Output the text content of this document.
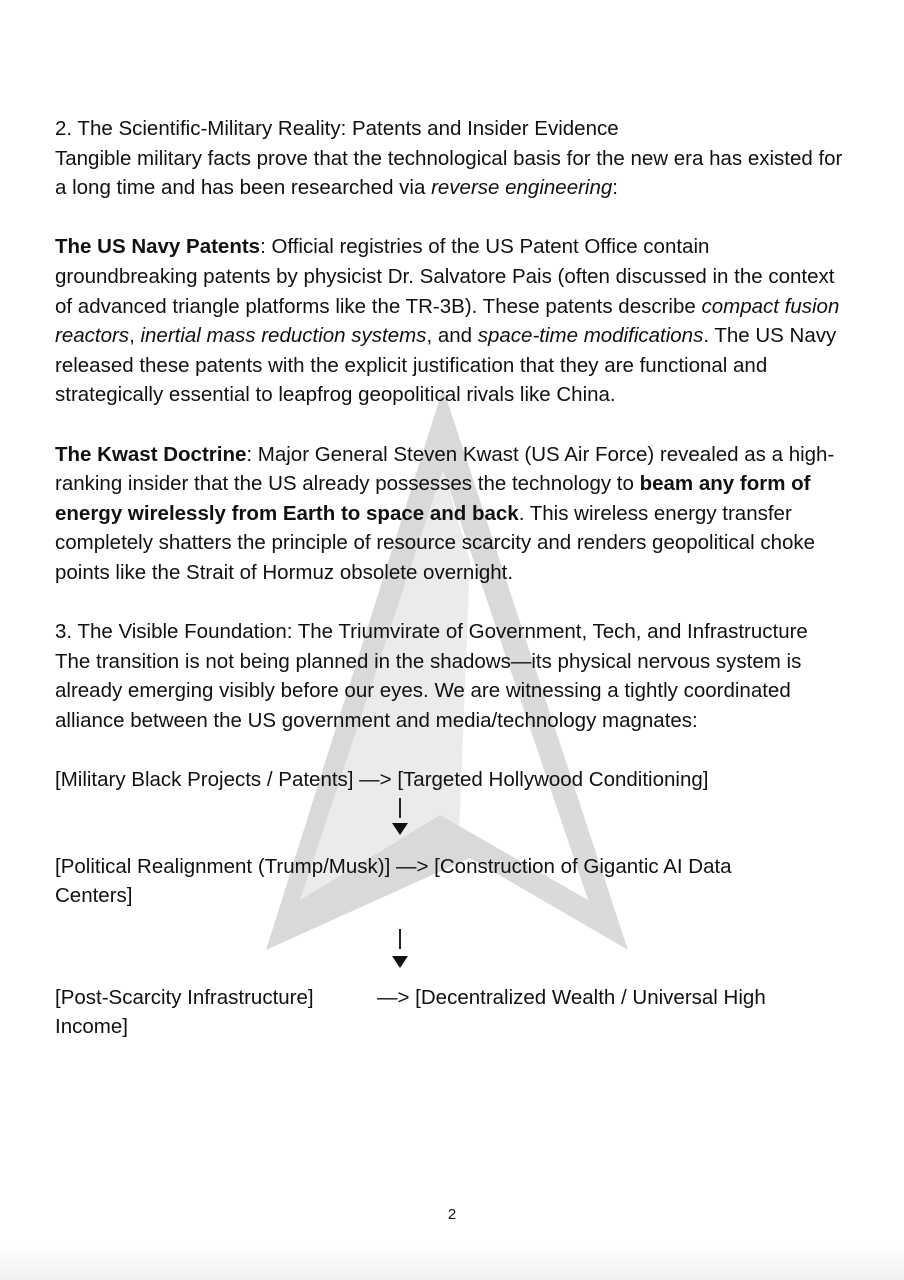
2. The Scientific-Military Reality: Patents and Insider Evidence

Tangible military facts prove that the technological basis for the new era has existed for a long time and has been researched via reverse engineering:

The US Navy Patents: Official registries of the US Patent Office contain groundbreaking patents by physicist Dr. Salvatore Pais (often discussed in the context of advanced triangle platforms like the TR-3B). These patents describe compact fusion reactors, inertial mass reduction systems, and space-time modifications. The US Navy released these patents with the explicit justification that they are functional and strategically essential to leapfrog geopolitical rivals like China.

The Kwast Doctrine: Major General Steven Kwast (US Air Force) revealed as a high-ranking insider that the US already possesses the technology to beam any form of energy wirelessly from Earth to space and back. This wireless energy transfer completely shatters the principle of resource scarcity and renders geopolitical choke points like the Strait of Hormuz obsolete overnight.

3. The Visible Foundation: The Triumvirate of Government, Tech, and Infrastructure

The transition is not being planned in the shadows—its physical nervous system is already emerging visibly before our eyes. We are witnessing a tightly coordinated alliance between the US government and media/technology magnates:

[Military Black Projects / Patents] —> [Targeted Hollywood Conditioning]
[Political Realignment (Trump/Musk)] —> [Construction of Gigantic AI Data
Centers]
[Post-Scarcity Infrastructure]	—> [Decentralized Wealth / Universal High
Income]
2
